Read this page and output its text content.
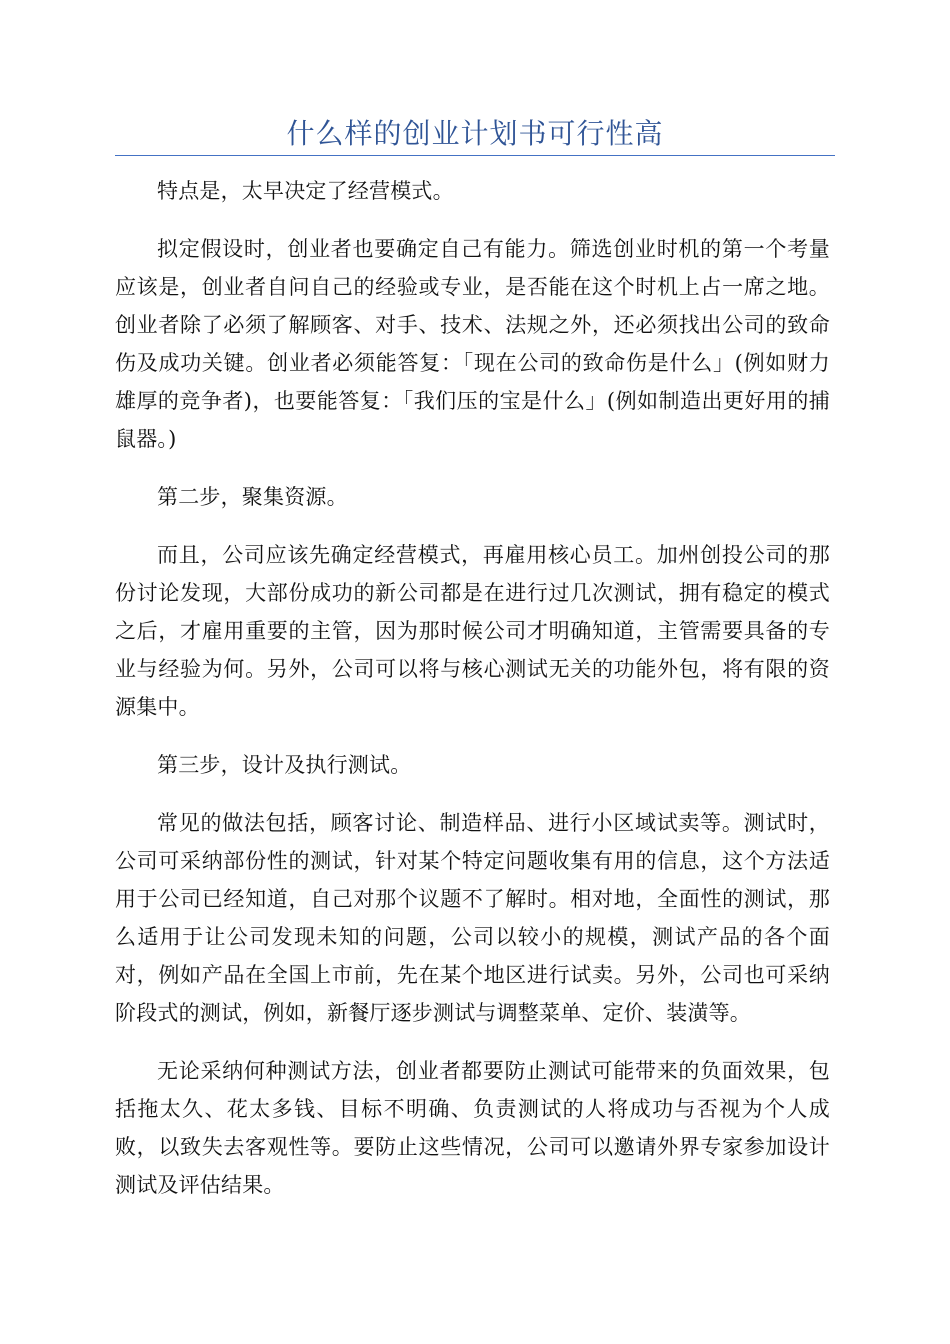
什么样的创业计划书可行性高

特点是，太早决定了经营模式。

拟定假设时，创业者也要确定自己有能力。筛选创业时机的第一个考量应该是，创业者自问自己的经验或专业，是否能在这个时机上占一席之地。创业者除了必须了解顾客、对手、技术、法规之外，还必须找出公司的致命伤及成功关键。创业者必须能答复：「现在公司的致命伤是什么」(例如财力雄厚的竞争者)，也要能答复：「我们压的宝是什么」(例如制造出更好用的捕鼠器。)

第二步，聚集资源。

而且，公司应该先确定经营模式，再雇用核心员工。加州创投公司的那份讨论发现，大部份成功的新公司都是在进行过几次测试，拥有稳定的模式之后，才雇用重要的主管，因为那时候公司才明确知道，主管需要具备的专业与经验为何。另外，公司可以将与核心测试无关的功能外包，将有限的资源集中。

第三步，设计及执行测试。

常见的做法包括，顾客讨论、制造样品、进行小区域试卖等。测试时，公司可采纳部份性的测试，针对某个特定问题收集有用的信息，这个方法适用于公司已经知道，自己对那个议题不了解时。相对地，全面性的测试，那么适用于让公司发现未知的问题，公司以较小的规模，测试产品的各个面对，例如产品在全国上市前，先在某个地区进行试卖。另外，公司也可采纳阶段式的测试，例如，新餐厅逐步测试与调整菜单、定价、装潢等。

无论采纳何种测试方法，创业者都要防止测试可能带来的负面效果，包括拖太久、花太多钱、目标不明确、负责测试的人将成功与否视为个人成败，以致失去客观性等。要防止这些情况，公司可以邀请外界专家参加设计测试及评估结果。
